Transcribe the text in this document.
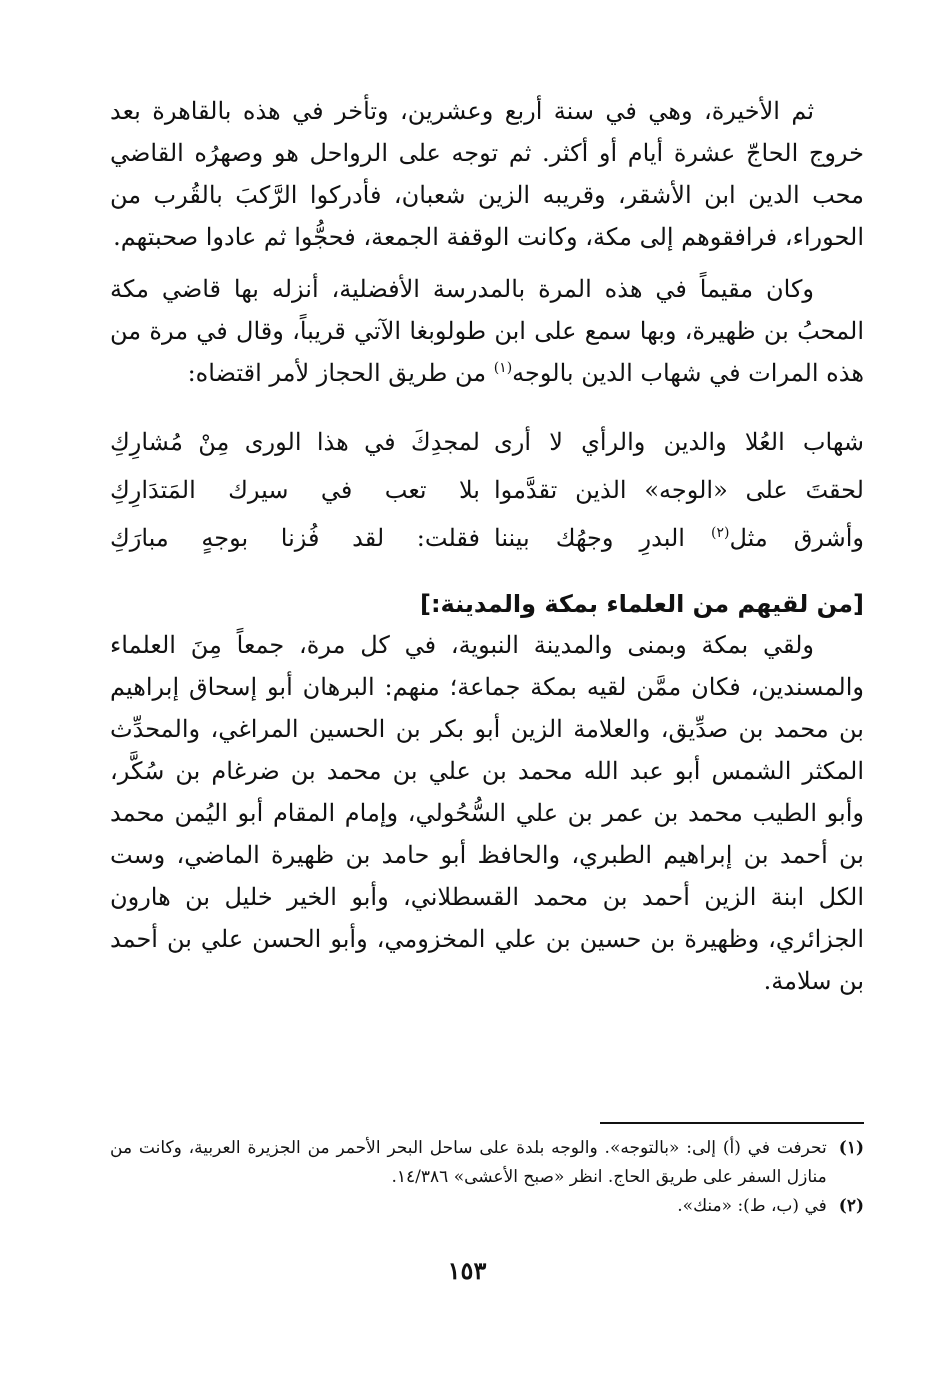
ثم الأخيرة، وهي في سنة أربع وعشرين، وتأخر في هذه بالقاهرة بعد خروج الحاجّ عشرة أيام أو أكثر. ثم توجه على الرواحل هو وصهرُه القاضي محب الدين ابن الأشقر، وقريبه الزين شعبان، فأدركوا الرَّكبَ بالقُرب من الحوراء، فرافقوهم إلى مكة، وكانت الوقفة الجمعة، فحجُّوا ثم عادوا صحبتهم.

وكان مقيماً في هذه المرة بالمدرسة الأفضلية، أنزله بها قاضي مكة المحبُ بن ظهيرة، وبها سمع على ابن طولوبغا الآتي قريباً، وقال في مرة من هذه المرات في شهاب الدين بالوجه$^{(١)}$ من طريق الحجاز لأمر اقتضاه:

شهاب العُلا والدين والرأي لا أرى
لمجدِكَ في هذا الورى مِنْ مُشارِكِ
لحقتَ على «الوجه» الذين تقدَّموا
بلا تعب في سيرك المَتدَارِكِ
وأشرق مثل$^{(٢)}$ البدرِ وجهُك بيننا
فقلت: لقد فُزنا بوجهٍ مبارَكِ
[من لقيهم من العلماء بمكة والمدينة:]

ولقي بمكة وبمنى والمدينة النبوية، في كل مرة، جمعاً مِنَ العلماء والمسندين، فكان ممَّن لقيه بمكة جماعة؛ منهم: البرهان أبو إسحاق إبراهيم بن محمد بن صدِّيق، والعلامة الزين أبو بكر بن الحسين المراغي، والمحدِّث المكثر الشمس أبو عبد الله محمد بن علي بن محمد بن ضرغام بن سُكَّر، وأبو الطيب محمد بن عمر بن علي السُّحُولي، وإمام المقام أبو اليُمن محمد بن أحمد بن إبراهيم الطبري، والحافظ أبو حامد بن ظهيرة الماضي، وست الكل ابنة الزين أحمد بن محمد القسطلاني، وأبو الخير خليل بن هارون الجزائري، وظهيرة بن حسين بن علي المخزومي، وأبو الحسن علي بن أحمد بن سلامة.

(١)
تحرفت في (أ) إلى: «بالتوجه». والوجه بلدة على ساحل البحر الأحمر من الجزيرة العربية، وكانت من منازل السفر على طريق الحاج. انظر «صبح الأعشى» ١٤/٣٨٦.
(٢)
في (ب، ط): «منك».
١٥٣
